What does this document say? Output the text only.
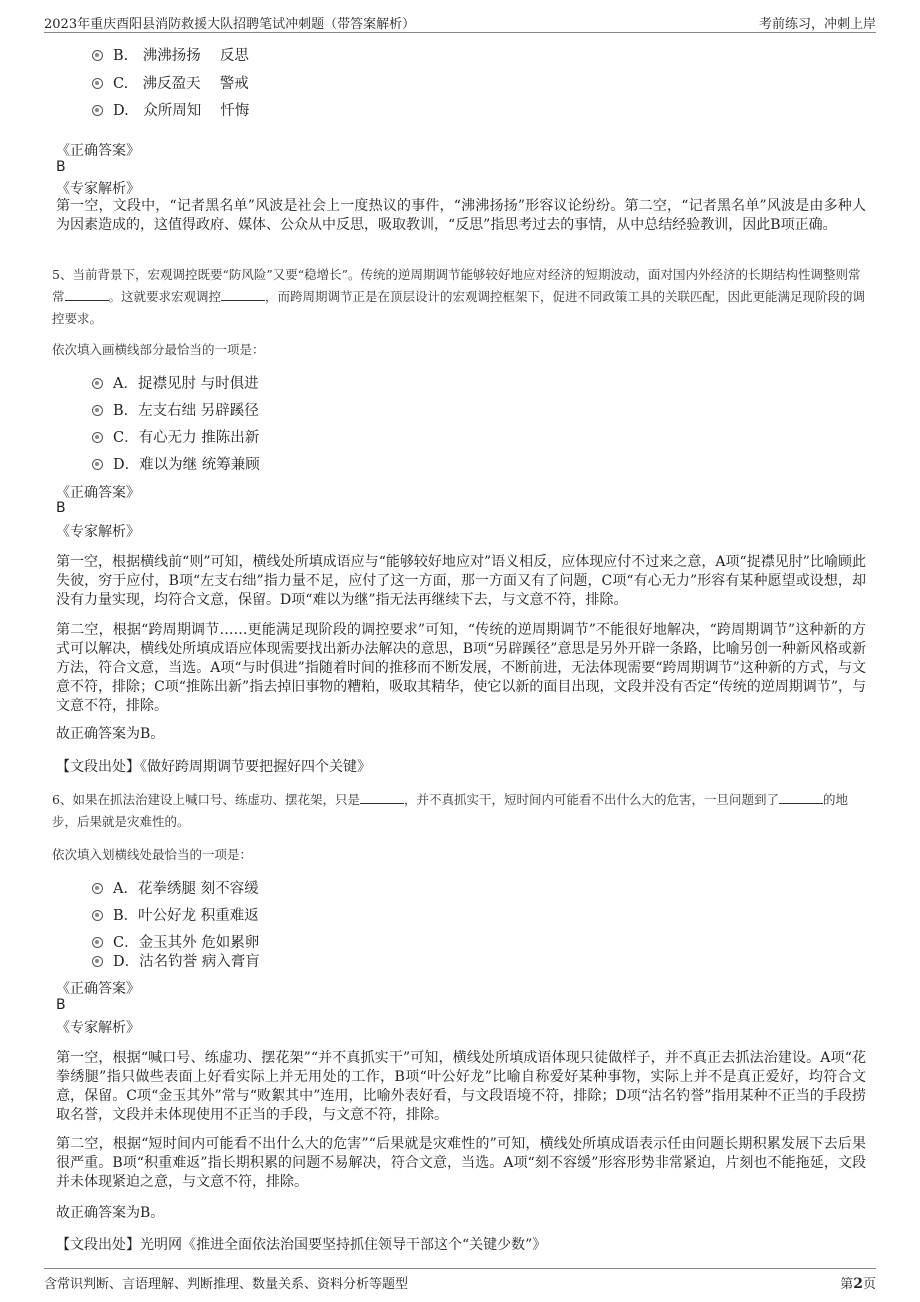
2023年重庆酉阳县消防救援大队招聘笔试冲刺题（带答案解析）	考前练习，冲刺上岸
B.　沸沸扬扬　 反思
C.　沸反盈天　 警戒
D.　众所周知　 忏悔
《正确答案》
B
《专家解析》
第一空，文段中，“记者黑名单”风波是社会上一度热议的事件，“沸沸扬扬”形容议论纷纷。第二空，“记者黑名单”风波是由多种人为因素造成的，这值得政府、媒体、公众从中反思，吸取教训，“反思”指思考过去的事情，从中总结经验教训，因此B项正确。
5、当前背景下，宏观调控既要“防风险”又要“稳增长”。传统的逆周期调节能够较好地应对经济的短期波动，面对国内外经济的长期结构性调整则常常	。这就要求宏观调控	，而跨周期调节正是在顶层设计的宏观调控框架下，促进不同政策工具的关联匹配，因此更能满足现阶段的调控要求。
依次填入画横线部分最恰当的一项是：
A．捉襟见肘 与时俱进
B．左支右绌 另辟蹊径
C．有心无力 推陈出新
D．难以为继 统筹兼顾
《正确答案》
B
《专家解析》
第一空，根据横线前“则”可知，横线处所填成语应与“能够较好地应对”语义相反，应体现应付不过来之意，A项“捉襟见肘”比喻顾此失彼，穷于应付，B项“左支右绌”指力量不足，应付了这一方面，那一方面又有了问题，C项“有心无力”形容有某种愿望或设想，却没有力量实现，均符合文意，保留。D项“难以为继”指无法再继续下去，与文意不符，排除。
第二空，根据“跨周期调节……更能满足现阶段的调控要求”可知，“传统的逆周期调节”不能很好地解决，“跨周期调节”这种新的方式可以解决，横线处所填成语应体现需要找出新办法解决的意思，B项“另辟蹊径”意思是另外开辟一条路，比喻另创一种新风格或新方法，符合文意，当选。A项“与时俱进”指随着时间的推移而不断发展，不断前进，无法体现需要“跨周期调节”这种新的方式，与文意不符，排除；C项“推陈出新”指去掉旧事物的糟粕，吸取其精华，使它以新的面目出现，文段并没有否定“传统的逆周期调节”，与文意不符，排除。
故正确答案为B。
【文段出处】《做好跨周期调节要把握好四个关键》
6、如果在抓法治建设上喊口号、练虚功、摆花架，只是	，并不真抓实干，短时间内可能看不出什么大的危害，一旦问题到了	的地步，后果就是灾难性的。
依次填入划横线处最恰当的一项是：
A．花拳绣腿 刻不容缓
B．叶公好龙 积重难返
C．金玉其外 危如累卵
D．沽名钓誉 病入膏肓
《正确答案》
B
《专家解析》
第一空，根据“喊口号、练虚功、摆花架”“并不真抓实干”可知，横线处所填成语体现只徒做样子，并不真正去抓法治建设。A项“花拳绣腿”指只做些表面上好看实际上并无用处的工作，B项“叶公好龙”比喻自称爱好某种事物，实际上并不是真正爱好，均符合文意，保留。C项“金玉其外”常与“败絮其中”连用，比喻外表好看，与文段语境不符，排除；D项“沽名钓誉”指用某种不正当的手段捞取名誉，文段并未体现使用不正当的手段，与文意不符，排除。
第二空，根据“短时间内可能看不出什么大的危害”“后果就是灾难性的”可知，横线处所填成语表示任由问题长期积累发展下去后果很严重。B项“积重难返”指长期积累的问题不易解决，符合文意，当选。A项“刻不容缓”形容形势非常紧迫，片刻也不能拖延，文段并未体现紧迫之意，与文意不符，排除。
故正确答案为B。
【文段出处】光明网《推进全面依法治国要坚持抓住领导干部这个“关键少数”》
含常识判断、言语理解、判断推理、数量关系、资料分析等题型	第2页
